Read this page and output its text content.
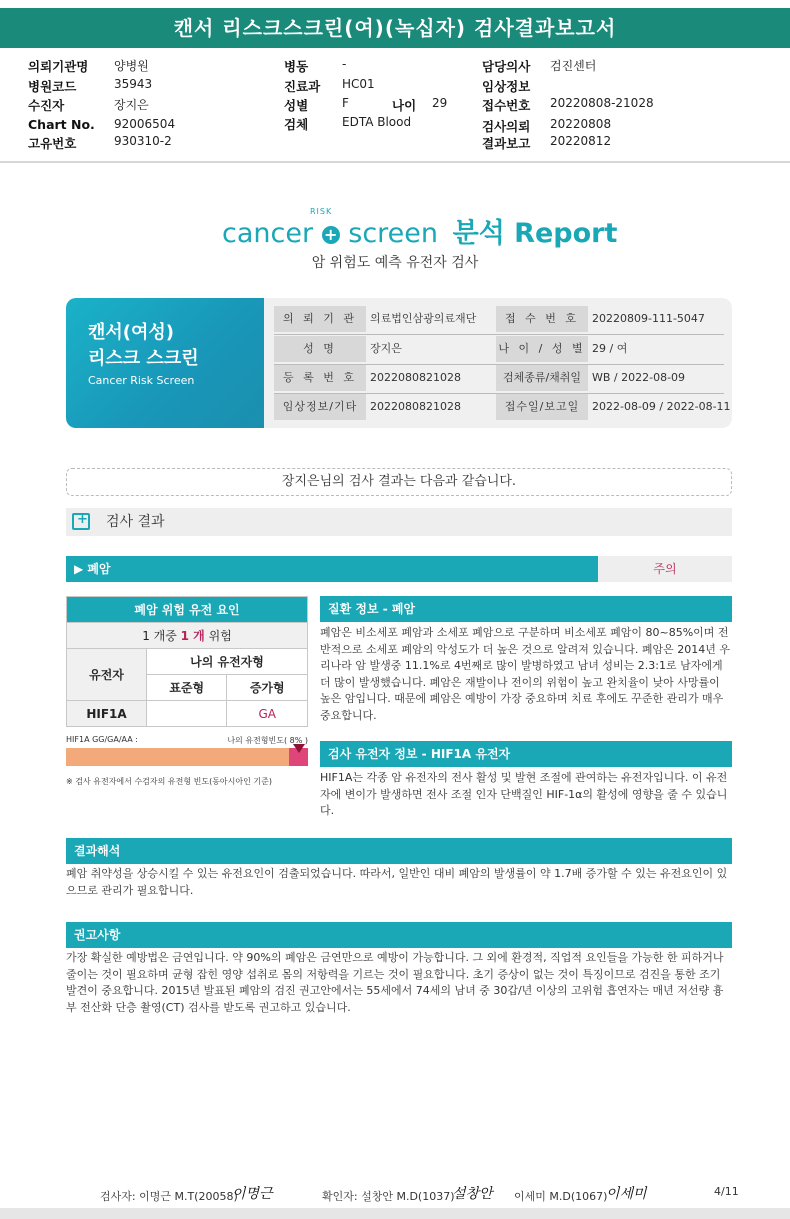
캔서 리스크스크린(여)(녹십자) 검사결과보고서
의뢰기관명 양병원
병원코드	35943
수진자	장지은
Chart No. 92006504
고유번호	930310-2
병동	-
진료과 HC01
성별	F	나이 29
검체	EDTA Blood
담당의사 검진센터
임상정보
접수번호 20220808-21028
검사의뢰 20220808
결과보고 20220812
RISK
cancer + screen 분석 Report
암 위험도 예측 유전자 검사
캔서(여성)
리스크 스크린
Cancer Risk Screen
의 뢰 기 관	의료법인삼광의료재단	접 수 번 호	20220809-111-5047
성 명	장지은	나 이 / 성 별 29 / 여
등 록 번 호	2022080821028	검체종류/채취일 WB / 2022-08-09
임상정보/기타	2022080821028	접수일/보고일	2022-08-09 / 2022-08-11
장지은님의 검사 결과는 다음과 같습니다.
+
검사 결과
▶ 폐암	주의
폐암 위험 유전 요인		
1 개중 1 개 위험		
유전자	나의 유전자형	
	표준형	증가형
HIF1A		GA
HIF1A GG/GA/AA :	나의 유전형빈도( 8% )
※ 검사 유전자에서 수검자의 유전형 빈도(동아시아인 기준)
질환 정보 - 폐암
폐암은 비소세포 폐암과 소세포 폐암으로 구분하며 비소세포 폐암이 80~85%이며 전반적으로 소세포 폐암의 악성도가 더 높은 것으로 알려져 있습니다. 폐암은 2014년 우리나라 암 발생중 11.1%로 4번째로 많이 발병하였고 남녀 성비는 2.3:1로 남자에게 더 많이 발생했습니다. 폐암은 재발이나 전이의 위험이 높고 완치율이 낮아 사망률이 높은 암입니다. 때문에 폐암은 예방이 가장 중요하며 치료 후에도 꾸준한 관리가 매우 중요합니다.
검사 유전자 정보 - HIF1A 유전자
HIF1A는 각종 암 유전자의 전사 활성 및 발현 조절에 관여하는 유전자입니다. 이 유전자에 변이가 발생하면 전사 조절 인자 단백질인 HIF-1α의 활성에 영향을 줄 수 있습니다.
결과해석
폐암 취약성을 상승시킬 수 있는 유전요인이 검출되었습니다. 따라서, 일반인 대비 폐암의 발생률이 약 1.7배 증가할 수 있는 유전요인이 있으므로 관리가 필요합니다.
권고사항
가장 확실한 예방법은 금연입니다. 약 90%의 폐암은 금연만으로 예방이 가능합니다. 그 외에 환경적, 직업적 요인들을 가능한 한 피하거나 줄이는 것이 필요하며 균형 잡힌 영양 섭취로 몸의 저항력을 기르는 것이 필요합니다. 초기 증상이 없는 것이 특징이므로 검진을 통한 조기 발견이 중요합니다. 2015년 발표된 폐암의 검진 권고안에서는 55세에서 74세의 남녀 중 30갑/년 이상의 고위험 흡연자는 매년 저선량 흉부 전산화 단층 촬영(CT) 검사를 받도록 권고하고 있습니다.
검사자: 이명근 M.T(20058)
이명근	확인자: 설창안 M.D(1037)
설창안 이세미 M.D(1067)
이세미	4/11
